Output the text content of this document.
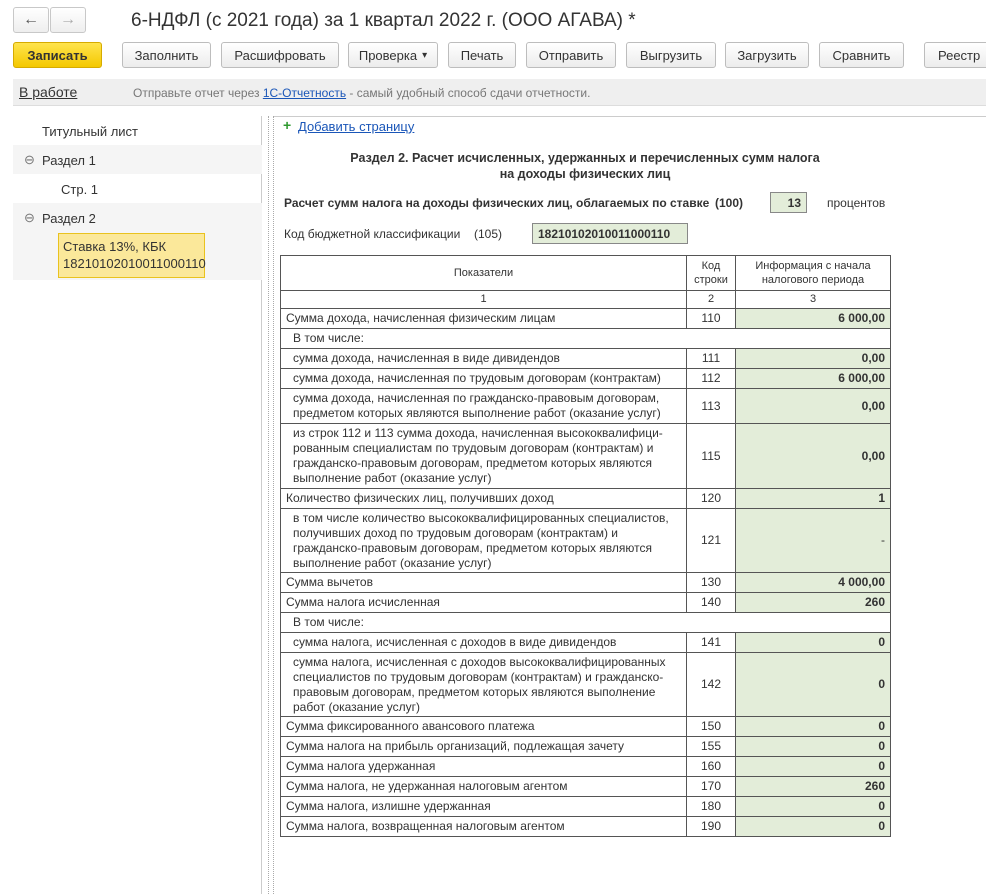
← →	6-НДФЛ (с 2021 года) за 1 квартал 2022 г. (ООО АГАВА) *
Записать	Заполнить	Расшифровать	Проверка ▾	Печать	Отправить	Выгрузить	Загрузить	Сравнить	Реестр
В работе	Отправьте отчет через 1С-Отчетность - самый удобный способ сдачи отчетности.
Титульный лист
⊖ Раздел 1
Стр. 1
⊖ Раздел 2
Ставка 13%, КБК
18210102010011000110
+ Добавить страницу
Раздел 2. Расчет исчисленных, удержанных и перечисленных сумм налога
на доходы физических лиц
Расчет сумм налога на доходы физических лиц, облагаемых по ставке (100)	13	процентов
Код бюджетной классификации (105)	18210102010011000110
Показатели	Код строки	Информация с начала налогового периода
1	2	3
Сумма дохода, начисленная физическим лицам	110	6 000,00
В том числе:		
сумма дохода, начисленная в виде дивидендов	111	0,00
сумма дохода, начисленная по трудовым договорам (контрактам)	112	6 000,00
сумма дохода, начисленная по гражданско-правовым договорам, предметом которых являются выполнение работ (оказание услуг)	113	0,00
из строк 112 и 113 сумма дохода, начисленная высококвалифици-рованным специалистам по трудовым договорам (контрактам) и гражданско-правовым договорам, предметом которых являются выполнение работ (оказание услуг)	115	0,00
Количество физических лиц, получивших доход	120	1
в том числе количество высококвалифицированных специалистов, получивших доход по трудовым договорам (контрактам) и гражданско-правовым договорам, предметом которых являются выполнение работ (оказание услуг)	121	-
Сумма вычетов	130	4 000,00
Сумма налога исчисленная	140	260
В том числе:		
сумма налога, исчисленная с доходов в виде дивидендов	141	0
сумма налога, исчисленная с доходов высококвалифицированных специалистов по трудовым договорам (контрактам) и гражданско-правовым договорам, предметом которых являются выполнение работ (оказание услуг)	142	0
Сумма фиксированного авансового платежа	150	0
Сумма налога на прибыль организаций, подлежащая зачету	155	0
Сумма налога удержанная	160	0
Сумма налога, не удержанная налоговым агентом	170	260
Сумма налога, излишне удержанная	180	0
Сумма налога, возвращенная налоговым агентом	190	0
